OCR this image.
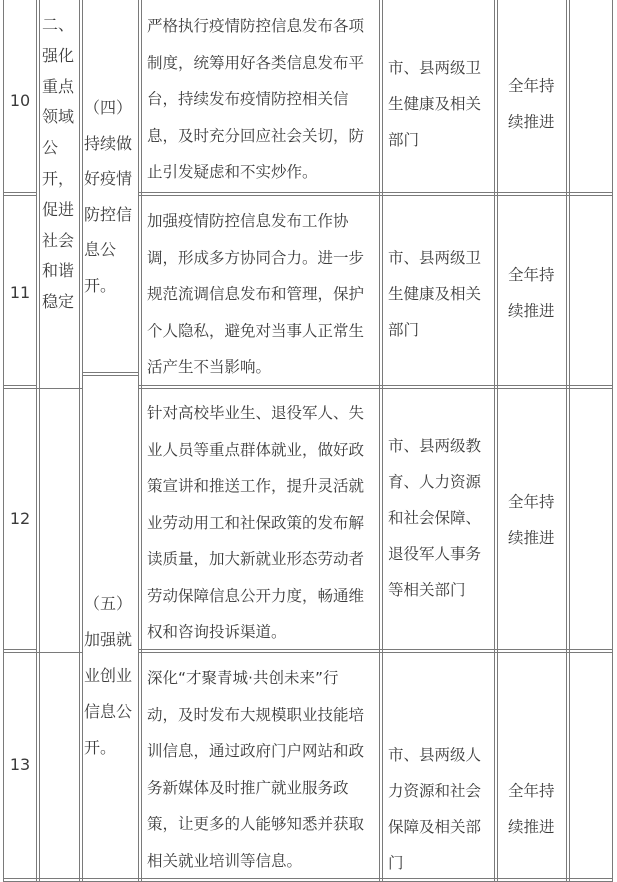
10
11
12
13
二、
强化
重点
领域
公
开，
促进
社会
和谐
稳定
（四）
持续做
好疫情
防控信
息公
开。
（五）
加强就
业创业
信息公
开。
严格执行疫情防控信息发布各项
制度，统筹用好各类信息发布平
台，持续发布疫情防控相关信
息，及时充分回应社会关切，防
止引发疑虑和不实炒作。
市、县两级卫
生健康及相关
部门
全年持
续推进
加强疫情防控信息发布工作协
调，形成多方协同合力。进一步
规范流调信息发布和管理，保护
个人隐私，避免对当事人正常生
活产生不当影响。
市、县两级卫
生健康及相关
部门
全年持
续推进
针对高校毕业生、退役军人、失
业人员等重点群体就业，做好政
策宣讲和推送工作，提升灵活就
业劳动用工和社保政策的发布解
读质量，加大新就业形态劳动者
劳动保障信息公开力度，畅通维
权和咨询投诉渠道。
市、县两级教
育、人力资源
和社会保障、
退役军人事务
等相关部门
全年持
续推进
深化“才聚青城·共创未来”行
动，及时发布大规模职业技能培
训信息，通过政府门户网站和政
务新媒体及时推广就业服务政
策，让更多的人能够知悉并获取
相关就业培训等信息。
市、县两级人
力资源和社会
保障及相关部
门
全年持
续推进
